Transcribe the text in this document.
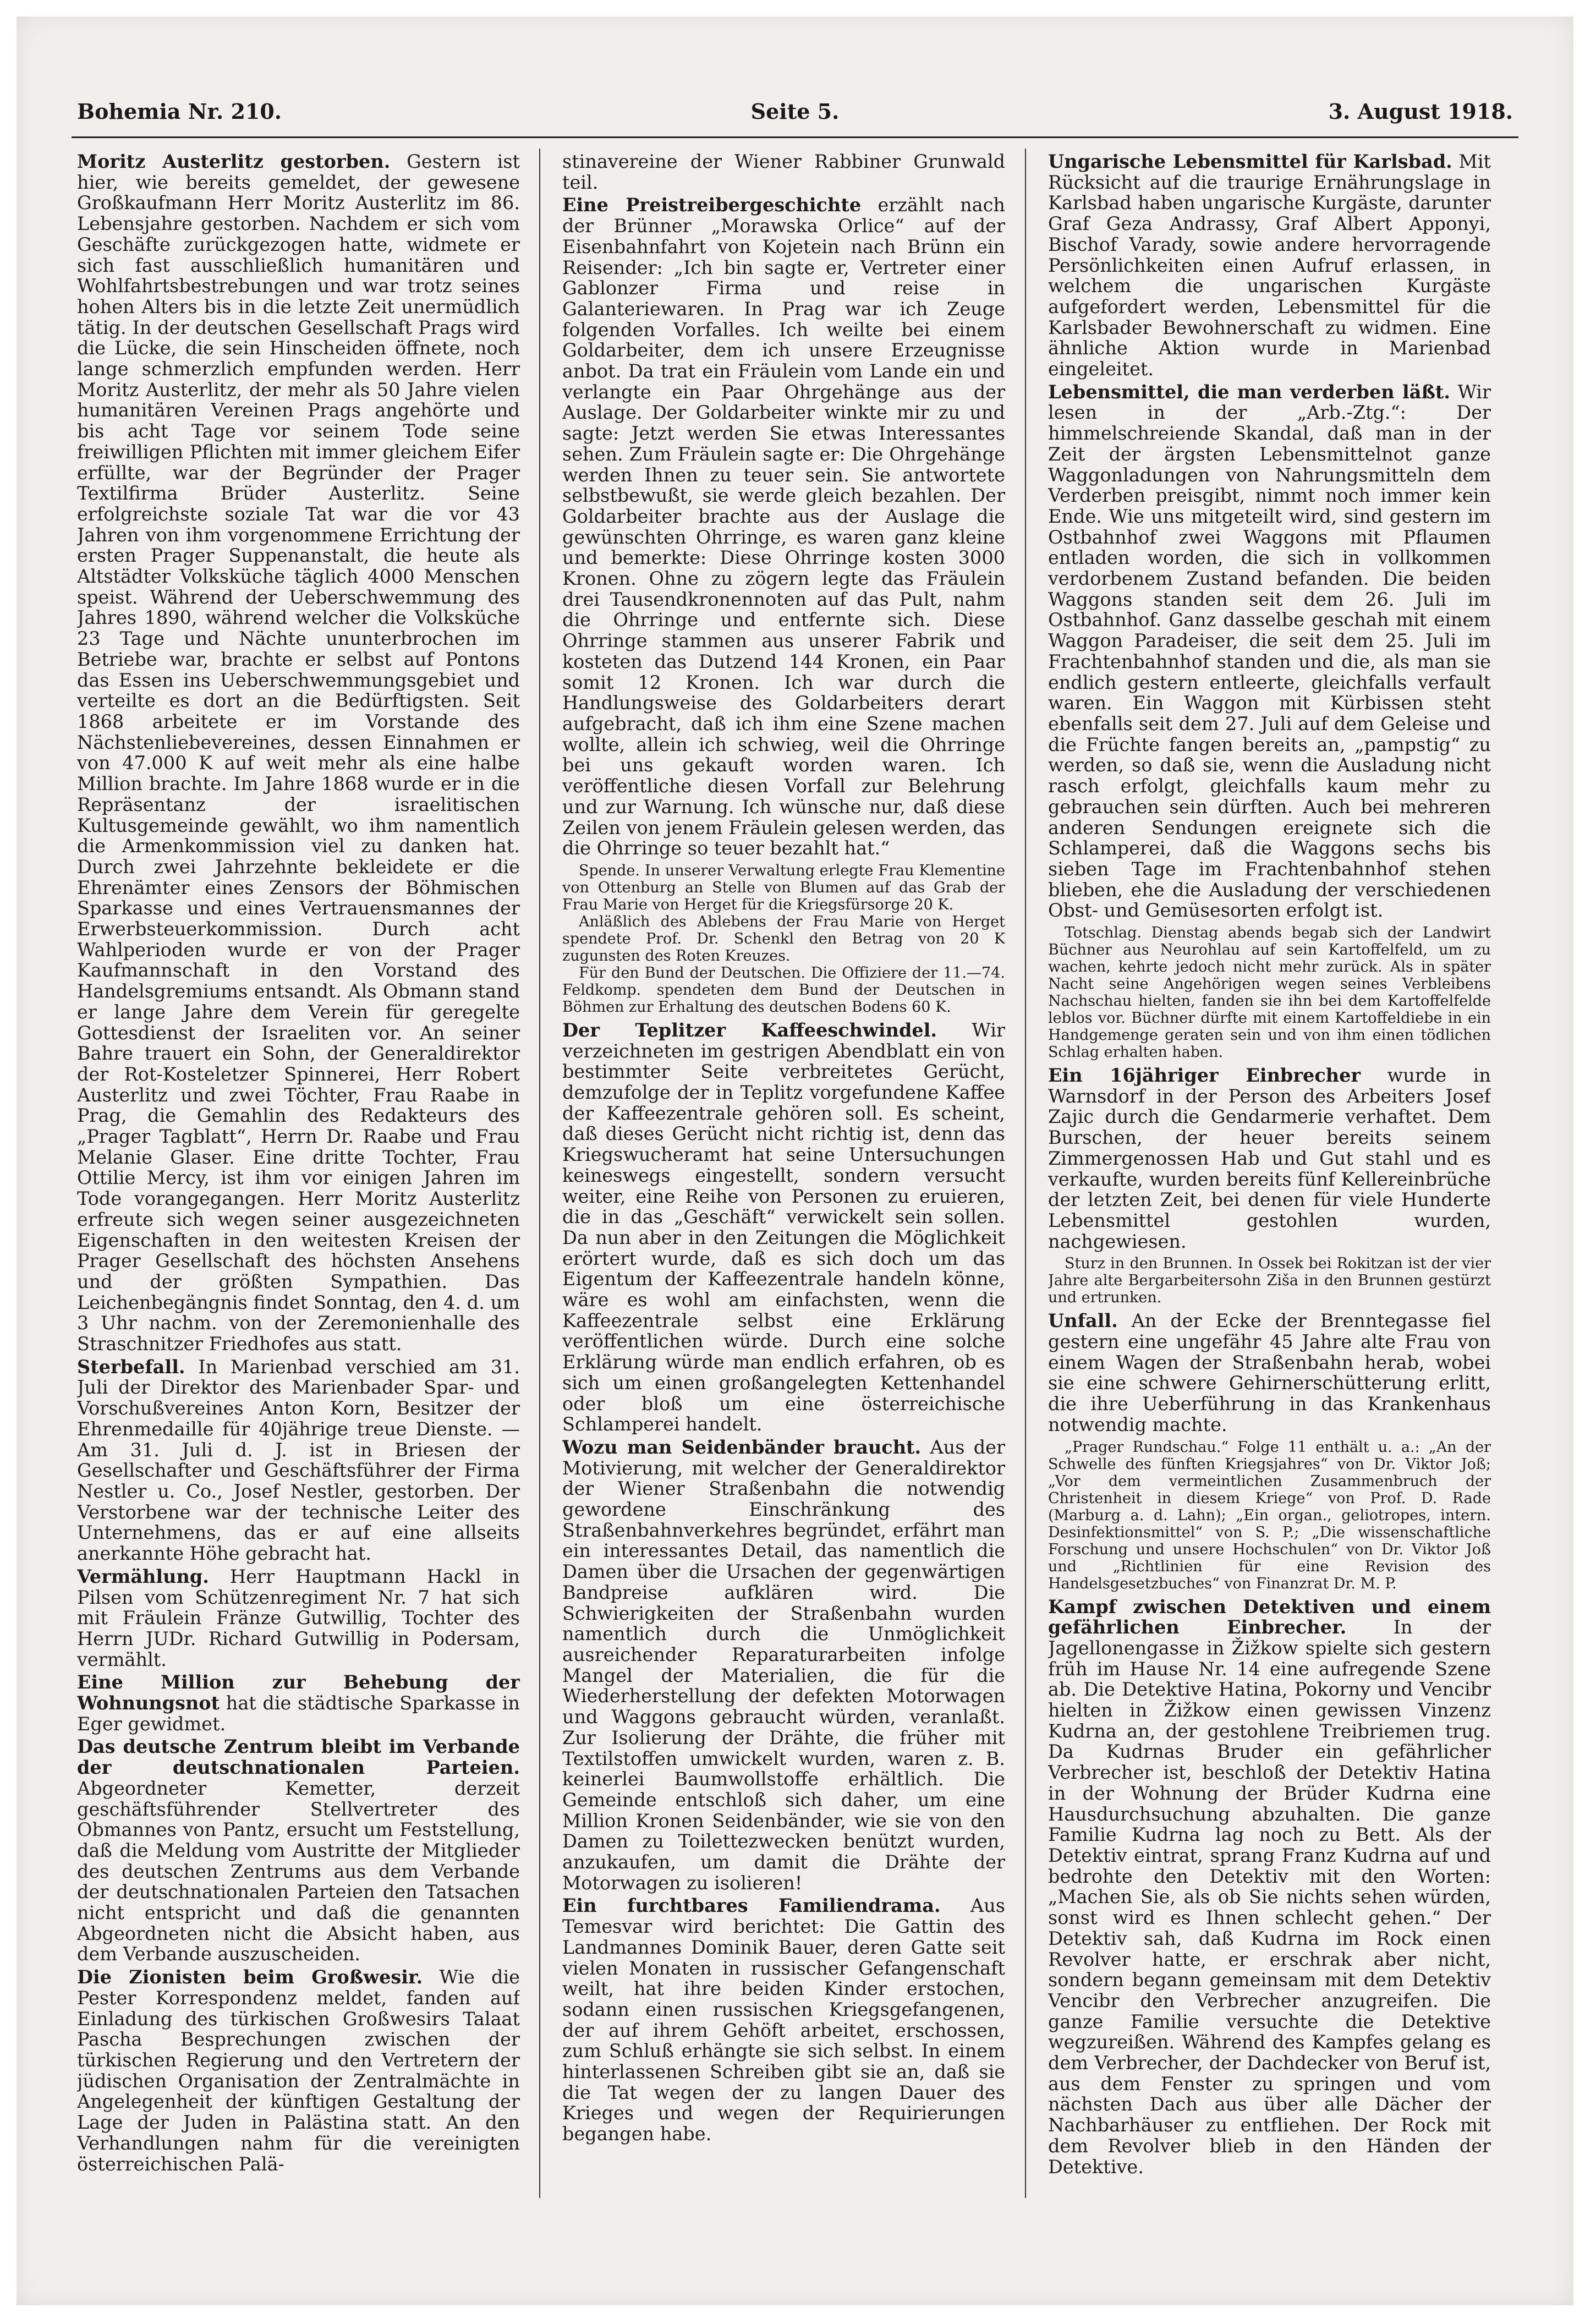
Bohemia Nr. 210.	Seite 5.	3. August 1918.

Moritz Austerlitz gestorben. Gestern ist hier, wie bereits gemeldet, der gewesene Großkaufmann Herr Moritz Austerlitz im 86. Lebensjahre gestorben. Nachdem er sich vom Geschäfte zurückgezogen hatte, widmete er sich fast ausschließlich humanitären und Wohlfahrtsbestrebungen und war trotz seines hohen Alters bis in die letzte Zeit unermüdlich tätig. In der deutschen Gesellschaft Prags wird die Lücke, die sein Hinscheiden öffnete, noch lange schmerzlich empfunden werden. Herr Moritz Austerlitz, der mehr als 50 Jahre vielen humanitären Vereinen Prags angehörte und bis acht Tage vor seinem Tode seine freiwilligen Pflichten mit immer gleichem Eifer erfüllte, war der Begründer der Prager Textilfirma Brüder Austerlitz. Seine erfolgreichste soziale Tat war die vor 43 Jahren von ihm vorgenommene Errichtung der ersten Prager Suppenanstalt, die heute als Altstädter Volksküche täglich 4000 Menschen speist. Während der Ueberschwemmung des Jahres 1890, während welcher die Volksküche 23 Tage und Nächte ununterbrochen im Betriebe war, brachte er selbst auf Pontons das Essen ins Ueberschwemmungsgebiet und verteilte es dort an die Bedürftigsten. Seit 1868 arbeitete er im Vorstande des Nächstenliebevereines, dessen Einnahmen er von 47.000 K auf weit mehr als eine halbe Million brachte. Im Jahre 1868 wurde er in die Repräsentanz der israelitischen Kultusgemeinde gewählt, wo ihm namentlich die Armenkommission viel zu danken hat. Durch zwei Jahrzehnte bekleidete er die Ehrenämter eines Zensors der Böhmischen Sparkasse und eines Vertrauensmannes der Erwerbsteuerkommission. Durch acht Wahlperioden wurde er von der Prager Kaufmannschaft in den Vorstand des Handelsgremiums entsandt. Als Obmann stand er lange Jahre dem Verein für geregelte Gottesdienst der Israeliten vor. An seiner Bahre trauert ein Sohn, der Generaldirektor der Rot-Kosteletzer Spinnerei, Herr Robert Austerlitz und zwei Töchter, Frau Raabe in Prag, die Gemahlin des Redakteurs des „Prager Tagblatt“, Herrn Dr. Raabe und Frau Melanie Glaser. Eine dritte Tochter, Frau Ottilie Mercy, ist ihm vor einigen Jahren im Tode vorangegangen. Herr Moritz Austerlitz erfreute sich wegen seiner ausgezeichneten Eigenschaften in den weitesten Kreisen der Prager Gesellschaft des höchsten Ansehens und der größten Sympathien. Das Leichenbegängnis findet Sonntag, den 4. d. um 3 Uhr nachm. von der Zeremonienhalle des Straschnitzer Friedhofes aus statt.

Sterbefall. In Marienbad verschied am 31. Juli der Direktor des Marienbader Spar- und Vorschußvereines Anton Korn, Besitzer der Ehrenmedaille für 40jährige treue Dienste. — Am 31. Juli d. J. ist in Briesen der Gesellschafter und Geschäftsführer der Firma Nestler u. Co., Josef Nestler, gestorben. Der Verstorbene war der technische Leiter des Unternehmens, das er auf eine allseits anerkannte Höhe gebracht hat.

Vermählung. Herr Hauptmann Hackl in Pilsen vom Schützenregiment Nr. 7 hat sich mit Fräulein Fränze Gutwillig, Tochter des Herrn JUDr. Richard Gutwillig in Podersam, vermählt.

Eine Million zur Behebung der Wohnungsnot hat die städtische Sparkasse in Eger gewidmet.

Das deutsche Zentrum bleibt im Verbande der deutschnationalen Parteien. Abgeordneter Kemetter, derzeit geschäftsführender Stellvertreter des Obmannes von Pantz, ersucht um Feststellung, daß die Meldung vom Austritte der Mitglieder des deutschen Zentrums aus dem Verbande der deutschnationalen Parteien den Tatsachen nicht entspricht und daß die genannten Abgeordneten nicht die Absicht haben, aus dem Verbande auszuscheiden.

Die Zionisten beim Großwesir. Wie die Pester Korrespondenz meldet, fanden auf Einladung des türkischen Großwesirs Talaat Pascha Besprechungen zwischen der türkischen Regierung und den Vertretern der jüdischen Organisation der Zentralmächte in Angelegenheit der künftigen Gestaltung der Lage der Juden in Palästina statt. An den Verhandlungen nahm für die vereinigten österreichischen Palä-

stinavereine der Wiener Rabbiner Grunwald teil.

Eine Preistreibergeschichte erzählt nach der Brünner „Morawska Orlice“ auf der Eisenbahnfahrt von Kojetein nach Brünn ein Reisender: „Ich bin sagte er, Vertreter einer Gablonzer Firma und reise in Galanteriewaren. In Prag war ich Zeuge folgenden Vorfalles. Ich weilte bei einem Goldarbeiter, dem ich unsere Erzeugnisse anbot. Da trat ein Fräulein vom Lande ein und verlangte ein Paar Ohrgehänge aus der Auslage. Der Goldarbeiter winkte mir zu und sagte: Jetzt werden Sie etwas Interessantes sehen. Zum Fräulein sagte er: Die Ohrgehänge werden Ihnen zu teuer sein. Sie antwortete selbstbewußt, sie werde gleich bezahlen. Der Goldarbeiter brachte aus der Auslage die gewünschten Ohrringe, es waren ganz kleine und bemerkte: Diese Ohrringe kosten 3000 Kronen. Ohne zu zögern legte das Fräulein drei Tausendkronennoten auf das Pult, nahm die Ohrringe und entfernte sich. Diese Ohrringe stammen aus unserer Fabrik und kosteten das Dutzend 144 Kronen, ein Paar somit 12 Kronen. Ich war durch die Handlungsweise des Goldarbeiters derart aufgebracht, daß ich ihm eine Szene machen wollte, allein ich schwieg, weil die Ohrringe bei uns gekauft worden waren. Ich veröffentliche diesen Vorfall zur Belehrung und zur Warnung. Ich wünsche nur, daß diese Zeilen von jenem Fräulein gelesen werden, das die Ohrringe so teuer bezahlt hat.“

Spende. In unserer Verwaltung erlegte Frau Klementine von Ottenburg an Stelle von Blumen auf das Grab der Frau Marie von Herget für die Kriegsfürsorge 20 K.

Anläßlich des Ablebens der Frau Marie von Herget spendete Prof. Dr. Schenkl den Betrag von 20 K zugunsten des Roten Kreuzes.

Für den Bund der Deutschen. Die Offiziere der 11.—74. Feldkomp. spendeten dem Bund der Deutschen in Böhmen zur Erhaltung des deutschen Bodens 60 K.

Der Teplitzer Kaffeeschwindel. Wir verzeichneten im gestrigen Abendblatt ein von bestimmter Seite verbreitetes Gerücht, demzufolge der in Teplitz vorgefundene Kaffee der Kaffeezentrale gehören soll. Es scheint, daß dieses Gerücht nicht richtig ist, denn das Kriegswucheramt hat seine Untersuchungen keineswegs eingestellt, sondern versucht weiter, eine Reihe von Personen zu eruieren, die in das „Geschäft“ verwickelt sein sollen. Da nun aber in den Zeitungen die Möglichkeit erörtert wurde, daß es sich doch um das Eigentum der Kaffeezentrale handeln könne, wäre es wohl am einfachsten, wenn die Kaffeezentrale selbst eine Erklärung veröffentlichen würde. Durch eine solche Erklärung würde man endlich erfahren, ob es sich um einen großangelegten Kettenhandel oder bloß um eine österreichische Schlamperei handelt.

Wozu man Seidenbänder braucht. Aus der Motivierung, mit welcher der Generaldirektor der Wiener Straßenbahn die notwendig gewordene Einschränkung des Straßenbahnverkehres begründet, erfährt man ein interessantes Detail, das namentlich die Damen über die Ursachen der gegenwärtigen Bandpreise aufklären wird. Die Schwierigkeiten der Straßenbahn wurden namentlich durch die Unmöglichkeit ausreichender Reparaturarbeiten infolge Mangel der Materialien, die für die Wiederherstellung der defekten Motorwagen und Waggons gebraucht würden, veranlaßt. Zur Isolierung der Drähte, die früher mit Textilstoffen umwickelt wurden, waren z. B. keinerlei Baumwollstoffe erhältlich. Die Gemeinde entschloß sich daher, um eine Million Kronen Seidenbänder, wie sie von den Damen zu Toilettezwecken benützt wurden, anzukaufen, um damit die Drähte der Motorwagen zu isolieren!

Ein furchtbares Familiendrama. Aus Temesvar wird berichtet: Die Gattin des Landmannes Dominik Bauer, deren Gatte seit vielen Monaten in russischer Gefangenschaft weilt, hat ihre beiden Kinder erstochen, sodann einen russischen Kriegsgefangenen, der auf ihrem Gehöft arbeitet, erschossen, zum Schluß erhängte sie sich selbst. In einem hinterlassenen Schreiben gibt sie an, daß sie die Tat wegen der zu langen Dauer des Krieges und wegen der Requirierungen begangen habe.

Ungarische Lebensmittel für Karlsbad. Mit Rücksicht auf die traurige Ernährungslage in Karlsbad haben ungarische Kurgäste, darunter Graf Geza Andrassy, Graf Albert Apponyi, Bischof Varady, sowie andere hervorragende Persönlichkeiten einen Aufruf erlassen, in welchem die ungarischen Kurgäste aufgefordert werden, Lebensmittel für die Karlsbader Bewohnerschaft zu widmen. Eine ähnliche Aktion wurde in Marienbad eingeleitet.

Lebensmittel, die man verderben läßt. Wir lesen in der „Arb.-Ztg.“: Der himmelschreiende Skandal, daß man in der Zeit der ärgsten Lebensmittelnot ganze Waggonladungen von Nahrungsmitteln dem Verderben preisgibt, nimmt noch immer kein Ende. Wie uns mitgeteilt wird, sind gestern im Ostbahnhof zwei Waggons mit Pflaumen entladen worden, die sich in vollkommen verdorbenem Zustand befanden. Die beiden Waggons standen seit dem 26. Juli im Ostbahnhof. Ganz dasselbe geschah mit einem Waggon Paradeiser, die seit dem 25. Juli im Frachtenbahnhof standen und die, als man sie endlich gestern entleerte, gleichfalls verfault waren. Ein Waggon mit Kürbissen steht ebenfalls seit dem 27. Juli auf dem Geleise und die Früchte fangen bereits an, „pampstig“ zu werden, so daß sie, wenn die Ausladung nicht rasch erfolgt, gleichfalls kaum mehr zu gebrauchen sein dürften. Auch bei mehreren anderen Sendungen ereignete sich die Schlamperei, daß die Waggons sechs bis sieben Tage im Frachtenbahnhof stehen blieben, ehe die Ausladung der verschiedenen Obst- und Gemüsesorten erfolgt ist.

Totschlag. Dienstag abends begab sich der Landwirt Büchner aus Neurohlau auf sein Kartoffelfeld, um zu wachen, kehrte jedoch nicht mehr zurück. Als in später Nacht seine Angehörigen wegen seines Verbleibens Nachschau hielten, fanden sie ihn bei dem Kartoffelfelde leblos vor. Büchner dürfte mit einem Kartoffeldiebe in ein Handgemenge geraten sein und von ihm einen tödlichen Schlag erhalten haben.

Ein 16jähriger Einbrecher wurde in Warnsdorf in der Person des Arbeiters Josef Zajic durch die Gendarmerie verhaftet. Dem Burschen, der heuer bereits seinem Zimmergenossen Hab und Gut stahl und es verkaufte, wurden bereits fünf Kellereinbrüche der letzten Zeit, bei denen für viele Hunderte Lebensmittel gestohlen wurden, nachgewiesen.

Sturz in den Brunnen. In Ossek bei Rokitzan ist der vier Jahre alte Bergarbeitersohn Ziša in den Brunnen gestürzt und ertrunken.

Unfall. An der Ecke der Brenntegasse fiel gestern eine ungefähr 45 Jahre alte Frau von einem Wagen der Straßenbahn herab, wobei sie eine schwere Gehirnerschütterung erlitt, die ihre Ueberführung in das Krankenhaus notwendig machte.

„Prager Rundschau.“ Folge 11 enthält u. a.: „An der Schwelle des fünften Kriegsjahres“ von Dr. Viktor Joß; „Vor dem vermeintlichen Zusammenbruch der Christenheit in diesem Kriege“ von Prof. D. Rade (Marburg a. d. Lahn); „Ein organ., geliotropes, intern. Desinfektionsmittel“ von S. P.; „Die wissenschaftliche Forschung und unsere Hochschulen“ von Dr. Viktor Joß und „Richtlinien für eine Revision des Handelsgesetzbuches“ von Finanzrat Dr. M. P.

Kampf zwischen Detektiven und einem gefährlichen Einbrecher.	In der Jagellonengasse in Žižkow spielte sich gestern früh im Hause Nr. 14 eine aufregende Szene ab. Die Detektive Hatina, Pokorny und Vencibr hielten in Žižkow einen gewissen Vinzenz Kudrna an, der gestohlene Treibriemen trug. Da Kudrnas Bruder ein gefährlicher Verbrecher ist, beschloß der Detektiv Hatina in der Wohnung der Brüder Kudrna eine Hausdurchsuchung abzuhalten. Die ganze Familie Kudrna lag noch zu Bett. Als der Detektiv eintrat, sprang Franz Kudrna auf und bedrohte den Detektiv mit den Worten: „Machen Sie, als ob Sie nichts sehen würden, sonst wird es Ihnen schlecht gehen.“ Der Detektiv sah, daß Kudrna im Rock einen Revolver hatte, er erschrak aber nicht, sondern begann gemeinsam mit dem Detektiv Vencibr den Verbrecher anzugreifen. Die ganze Familie versuchte die Detektive wegzureißen. Während des Kampfes gelang es dem Verbrecher, der Dachdecker von Beruf ist, aus dem Fenster zu springen und vom nächsten Dach aus über alle Dächer der Nachbarhäuser zu entfliehen. Der Rock mit dem Revolver blieb in den Händen der Detektive.
